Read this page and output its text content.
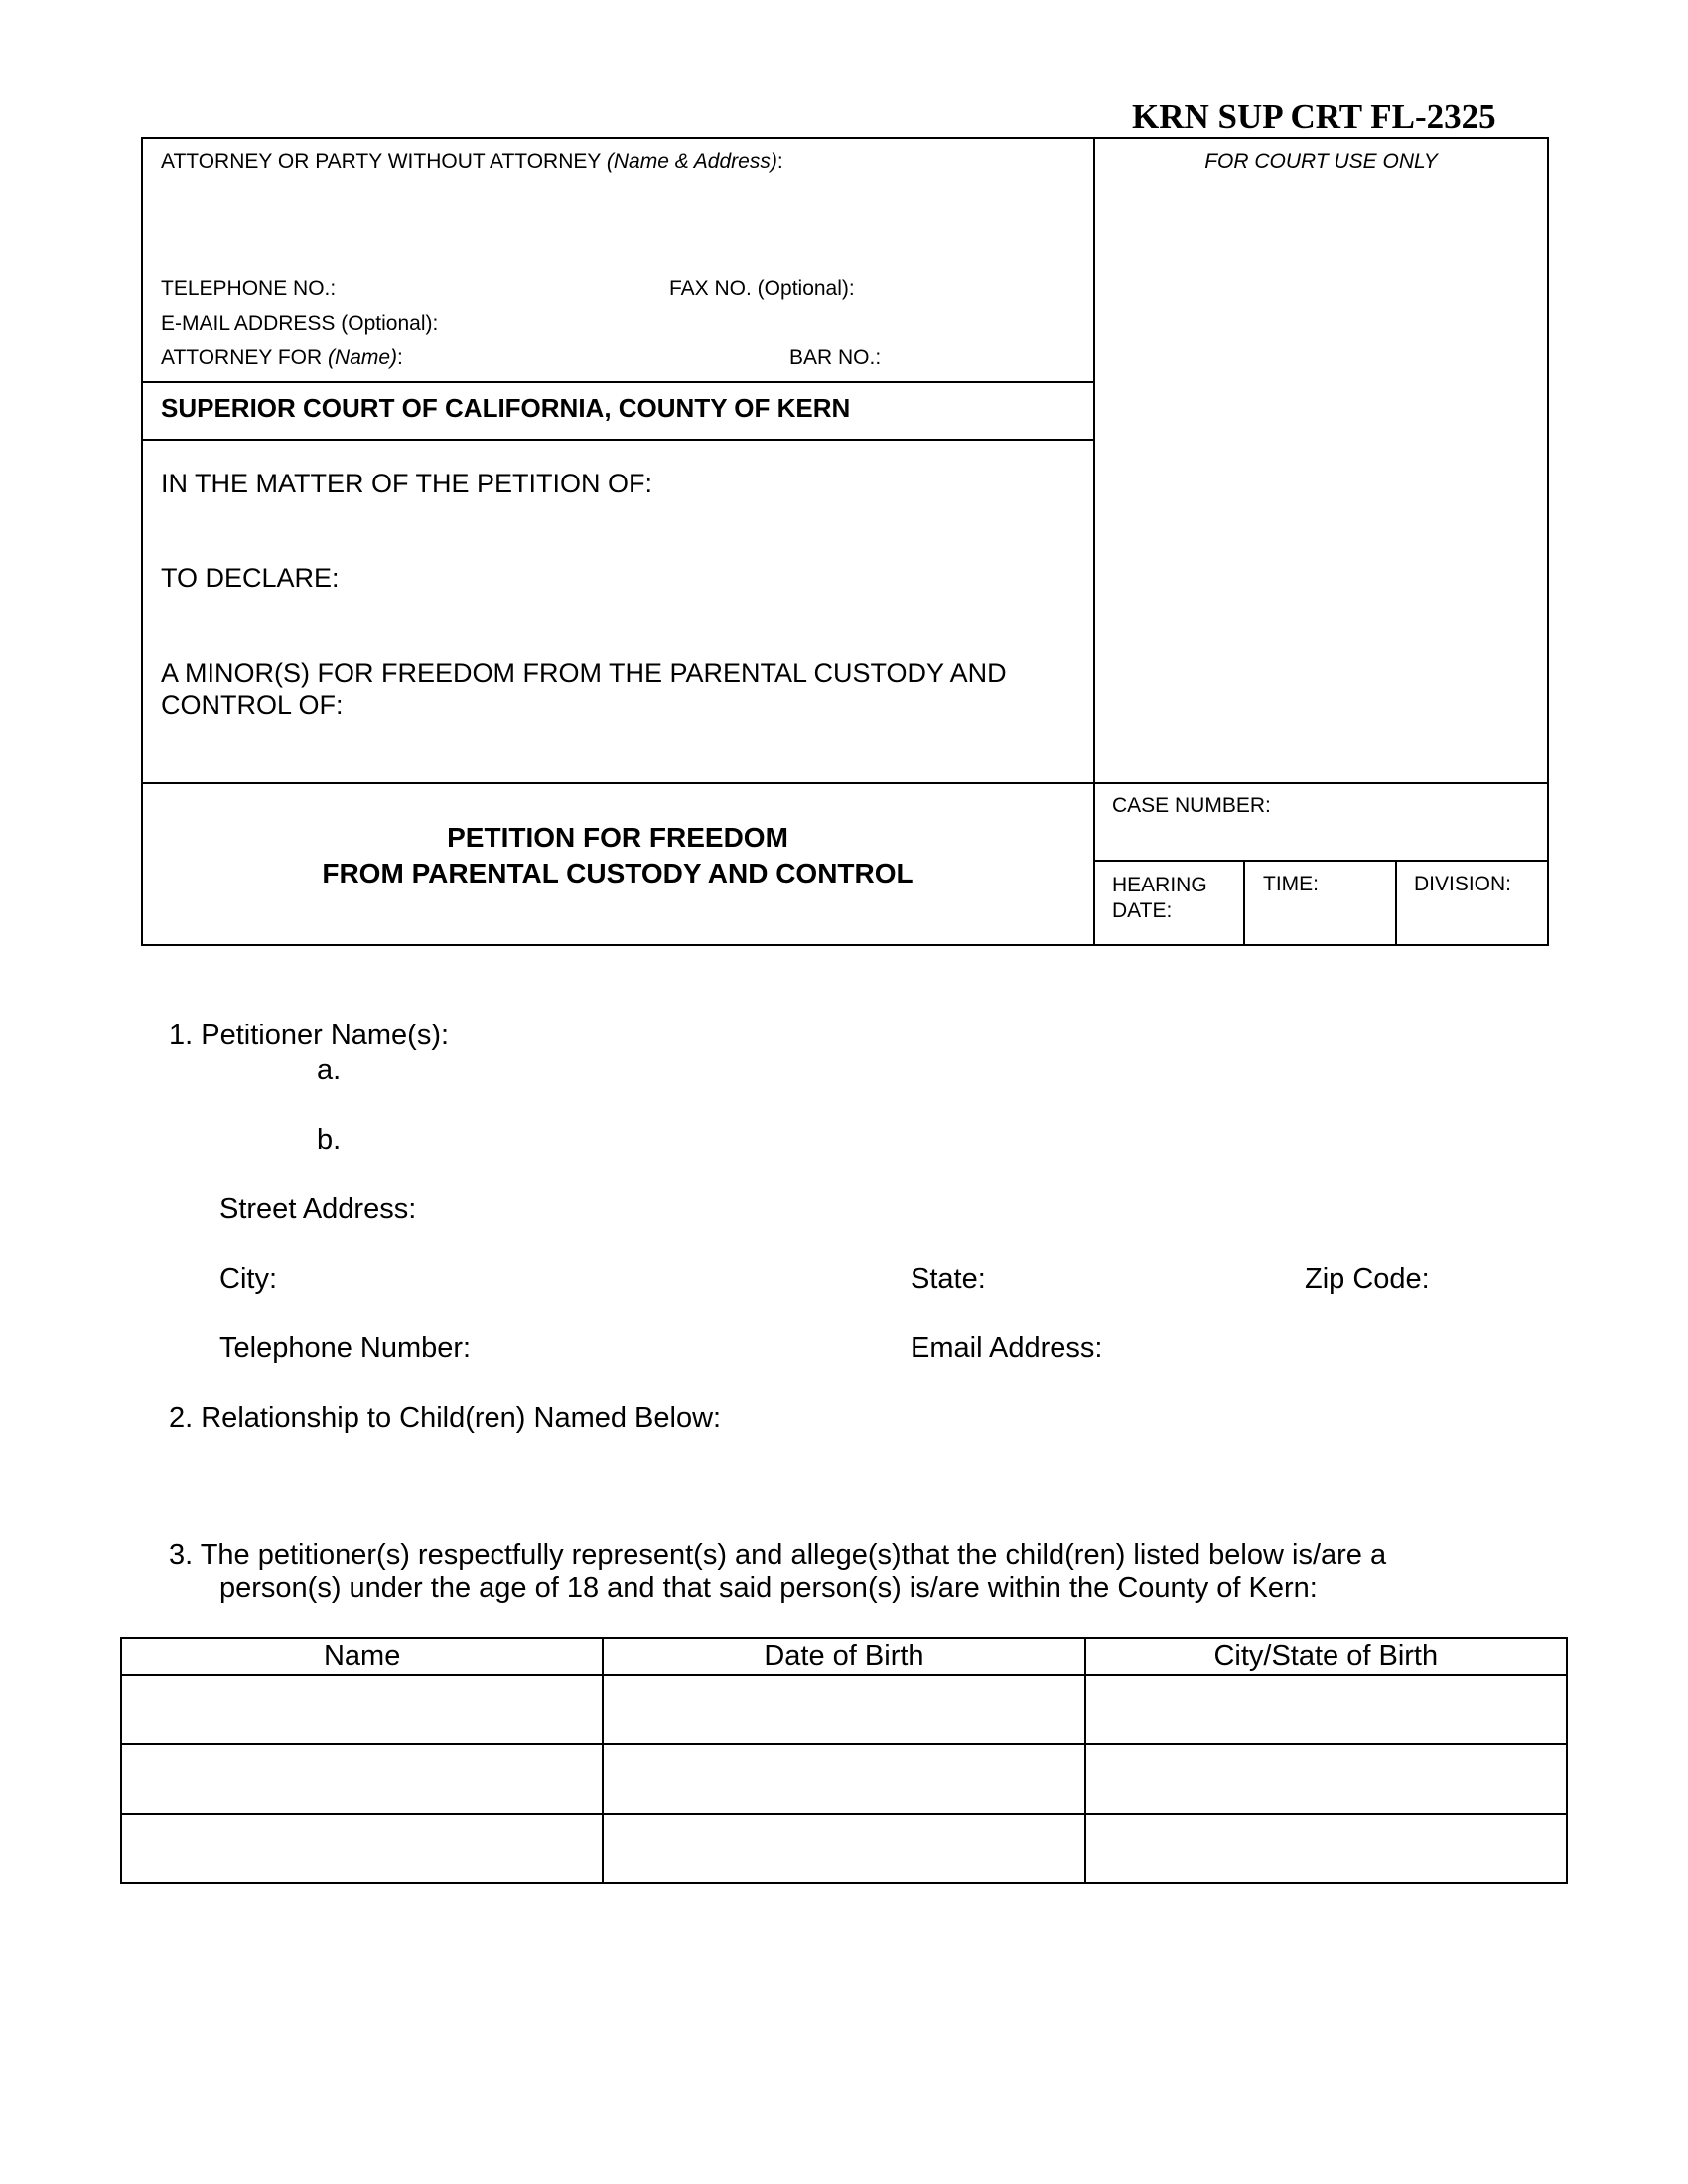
KRN SUP CRT FL-2325
ATTORNEY OR PARTY WITHOUT ATTORNEY (Name & Address):	FOR COURT USE ONLY
TELEPHONE NO.:	FAX NO. (Optional):
E-MAIL ADDRESS (Optional):
ATTORNEY FOR (Name):	BAR NO.:
SUPERIOR COURT OF CALIFORNIA, COUNTY OF KERN
IN THE MATTER OF THE PETITION OF:
TO DECLARE:
A MINOR(S) FOR FREEDOM FROM THE PARENTAL CUSTODY AND
CONTROL OF:
PETITION FOR FREEDOM
FROM PARENTAL CUSTODY AND CONTROL
CASE NUMBER:
HEARING
DATE:
TIME:	DIVISION:
1. Petitioner Name(s):
a.
b.
Street Address:
City:	State:	Zip Code:
Telephone Number:	Email Address:
2. Relationship to Child(ren) Named Below:
3. The petitioner(s) respectfully represent(s) and allege(s)that the child(ren) listed below is/are a
person(s) under the age of 18 and that said person(s) is/are within the County of Kern:
Name	Date of Birth	City/State of Birth
